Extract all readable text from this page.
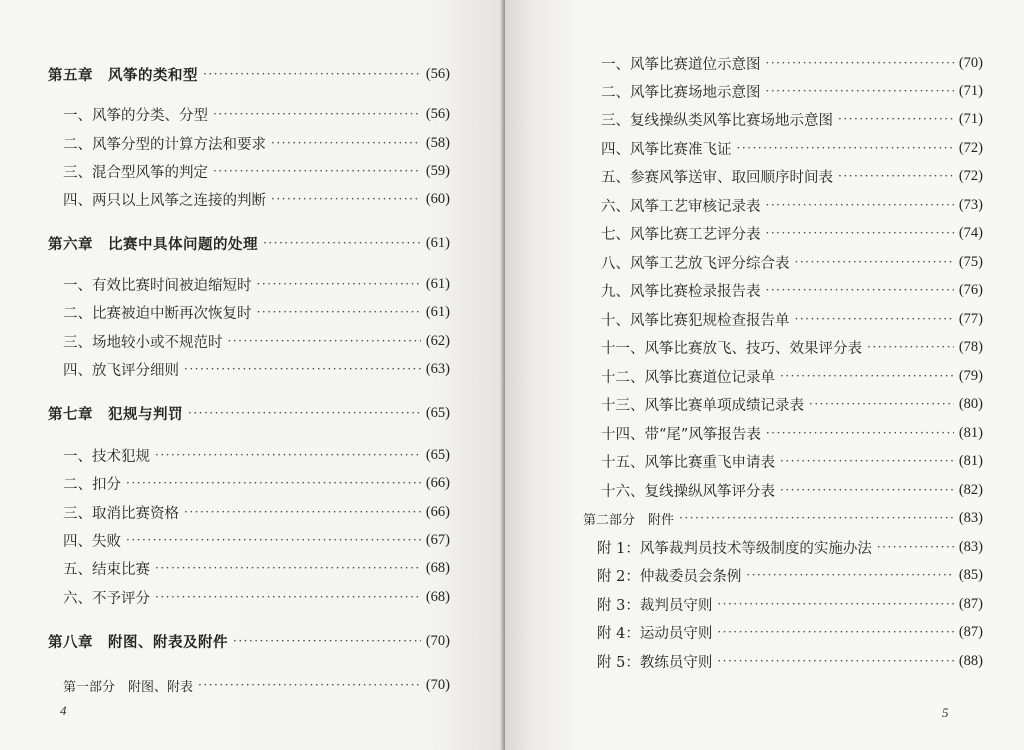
第五章　风筝的类和型 ·····	(56)
一、风筝的分类、分型 ·····	(56)
二、风筝分型的计算方法和要求 ·····	(58)
三、混合型风筝的判定 ·····	(59)
四、两只以上风筝之连接的判断 ·····	(60)
第六章　比赛中具体问题的处理 ·····	(61)
一、有效比赛时间被迫缩短时 ·····	(61)
二、比赛被迫中断再次恢复时 ·····	(61)
三、场地较小或不规范时 ·····	(62)
四、放飞评分细则 ·····	(63)
第七章　犯规与判罚 ·····	(65)
一、技术犯规 ·····	(65)
二、扣分 ·····	(66)
三、取消比赛资格 ·····	(66)
四、失败 ·····	(67)
五、结束比赛 ·····	(68)
六、不予评分 ·····	(68)
第八章　附图、附表及附件 ·····	(70)
第一部分　附图、附表 ·····	(70)
4
一、风筝比赛道位示意图 ·····	(70)
二、风筝比赛场地示意图 ·····	(71)
三、复线操纵类风筝比赛场地示意图 ·····	(71)
四、风筝比赛准飞证 ·····	(72)
五、参赛风筝送审、取回顺序时间表 ·····	(72)
六、风筝工艺审核记录表 ·····	(73)
七、风筝比赛工艺评分表 ·····	(74)
八、风筝工艺放飞评分综合表 ·····	(75)
九、风筝比赛检录报告表 ·····	(76)
十、风筝比赛犯规检查报告单 ·····	(77)
十一、风筝比赛放飞、技巧、效果评分表 ·····	(78)
十二、风筝比赛道位记录单 ·····	(79)
十三、风筝比赛单项成绩记录表 ·····	(80)
十四、带“尾”风筝报告表 ·····	(81)
十五、风筝比赛重飞申请表 ·····	(81)
十六、复线操纵风筝评分表 ·····	(82)
第二部分　附件 ·····	(83)
附 1：风筝裁判员技术等级制度的实施办法 ·····	(83)
附 2：仲裁委员会条例 ·····	(85)
附 3：裁判员守则 ·····	(87)
附 4：运动员守则 ·····	(87)
附 5：教练员守则 ·····	(88)
5
